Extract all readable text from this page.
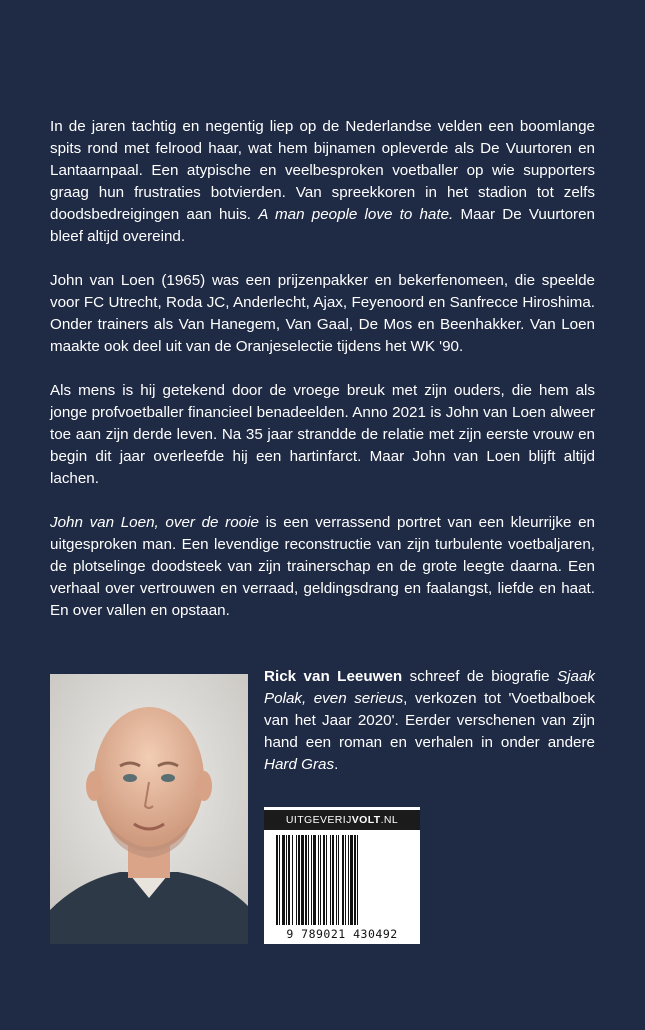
In de jaren tachtig en negentig liep op de Nederlandse velden een boomlange spits rond met felrood haar, wat hem bijnamen opleverde als De Vuurtoren en Lantaarnpaal. Een atypische en veelbesproken voetballer op wie supporters graag hun frustraties botvierden. Van spreekkoren in het stadion tot zelfs doodsbedreigingen aan huis. A man people love to hate. Maar De Vuurtoren bleef altijd overeind.

John van Loen (1965) was een prijzenpakker en bekerfenomeen, die speelde voor FC Utrecht, Roda JC, Anderlecht, Ajax, Feyenoord en Sanfrecce Hiroshima. Onder trainers als Van Hanegem, Van Gaal, De Mos en Beenhakker. Van Loen maakte ook deel uit van de Oranjeselectie tijdens het WK '90.

Als mens is hij getekend door de vroege breuk met zijn ouders, die hem als jonge profvoetballer financieel benadeelden. Anno 2021 is John van Loen alweer toe aan zijn derde leven. Na 35 jaar strandde de relatie met zijn eerste vrouw en begin dit jaar overleefde hij een hartinfarct. Maar John van Loen blijft altijd lachen.

John van Loen, over de rooie is een verrassend portret van een kleurrijke en uitgesproken man. Een levendige reconstructie van zijn turbulente voetbaljaren, de plotselinge doodsteek van zijn trainerschap en de grote leegte daarna. Een verhaal over vertrouwen en verraad, geldingsdrang en faalangst, liefde en haat. En over vallen en opstaan.

Rick van Leeuwen schreef de biografie Sjaak Polak, even serieus, verkozen tot 'Voetbalboek van het Jaar 2020'. Eerder verschenen van zijn hand een roman en verhalen in onder andere Hard Gras.
UITGEVERIJVOLT.NL
9 789021 430492
